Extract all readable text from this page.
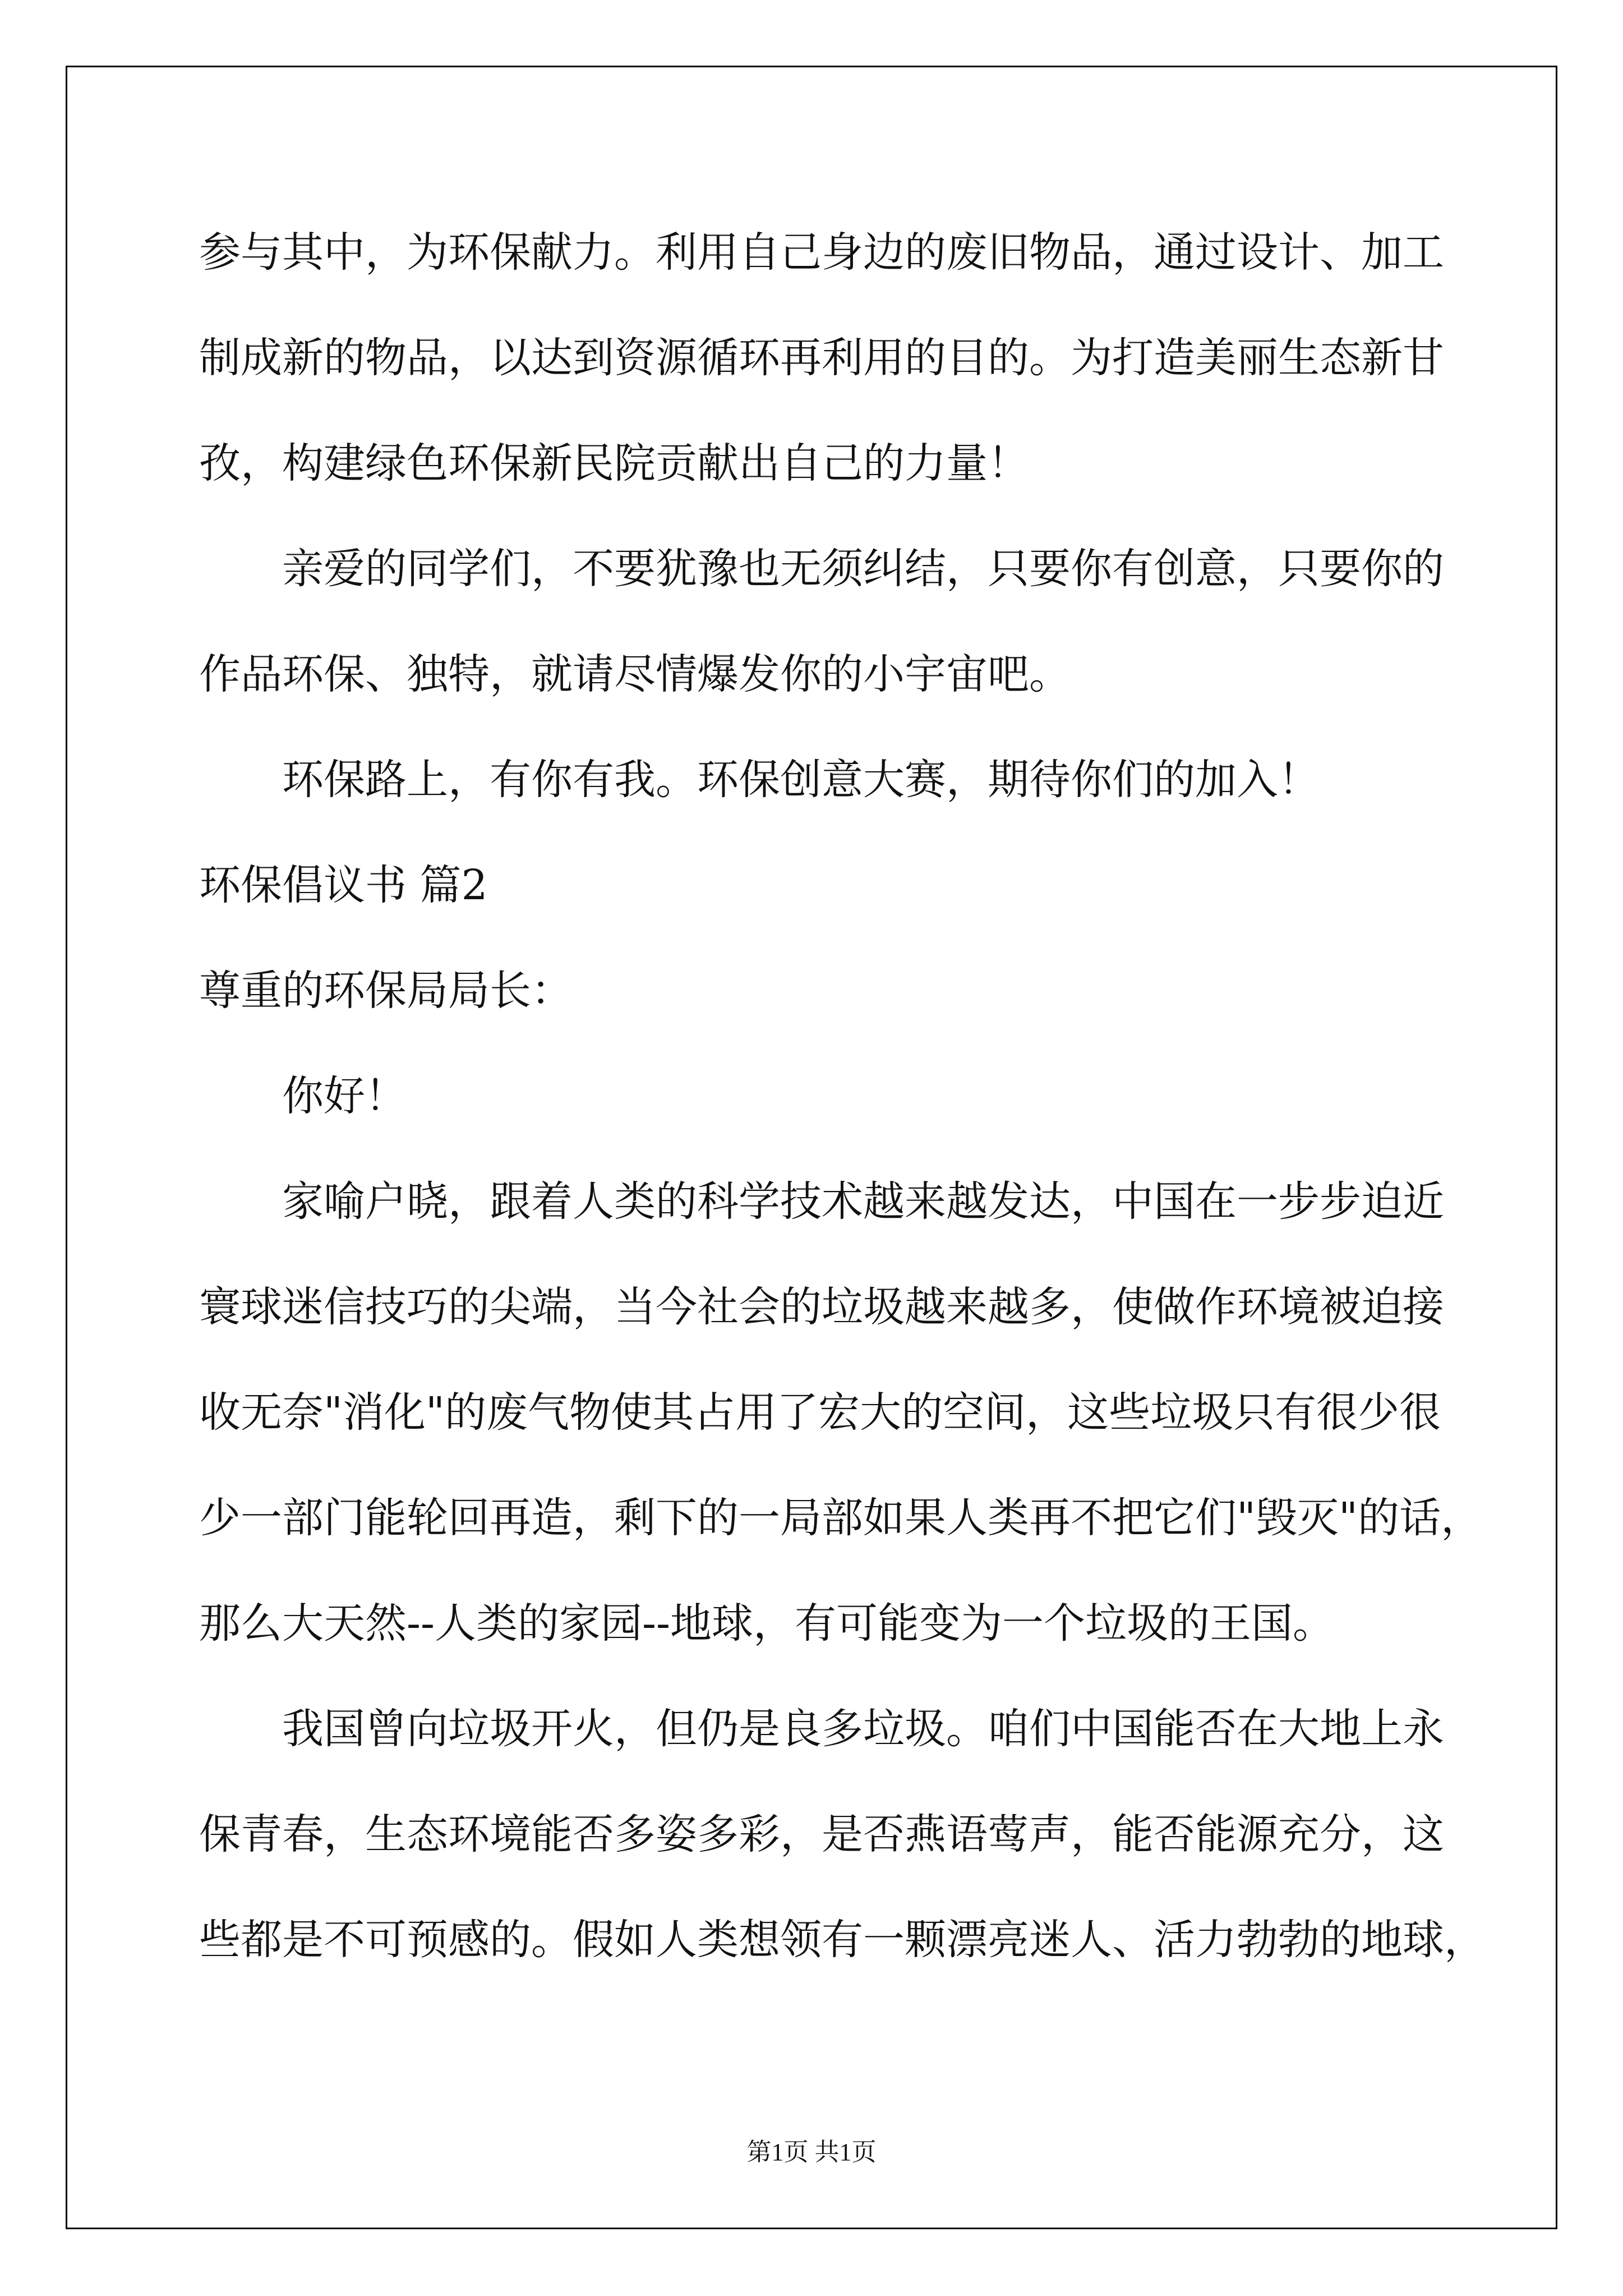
参与其中，为环保献力。利用自己身边的废旧物品，通过设计、加工
制成新的物品，以达到资源循环再利用的目的。为打造美丽生态新甘
孜，构建绿色环保新民院贡献出自己的力量！
亲爱的同学们，不要犹豫也无须纠结，只要你有创意，只要你的
作品环保、独特，就请尽情爆发你的小宇宙吧。
环保路上，有你有我。环保创意大赛，期待你们的加入！
环保倡议书 篇2
尊重的环保局局长：
你好！
家喻户晓，跟着人类的科学技术越来越发达，中国在一步步迫近
寰球迷信技巧的尖端，当今社会的垃圾越来越多，使做作环境被迫接
收无奈"消化"的废气物使其占用了宏大的空间，这些垃圾只有很少很
少一部门能轮回再造，剩下的一局部如果人类再不把它们"毁灭"的话，
那么大天然--人类的家园--地球，有可能变为一个垃圾的王国。
我国曾向垃圾开火，但仍是良多垃圾。咱们中国能否在大地上永
保青春，生态环境能否多姿多彩，是否燕语莺声，能否能源充分，这
些都是不可预感的。假如人类想领有一颗漂亮迷人、活力勃勃的地球，
第1页 共1页
